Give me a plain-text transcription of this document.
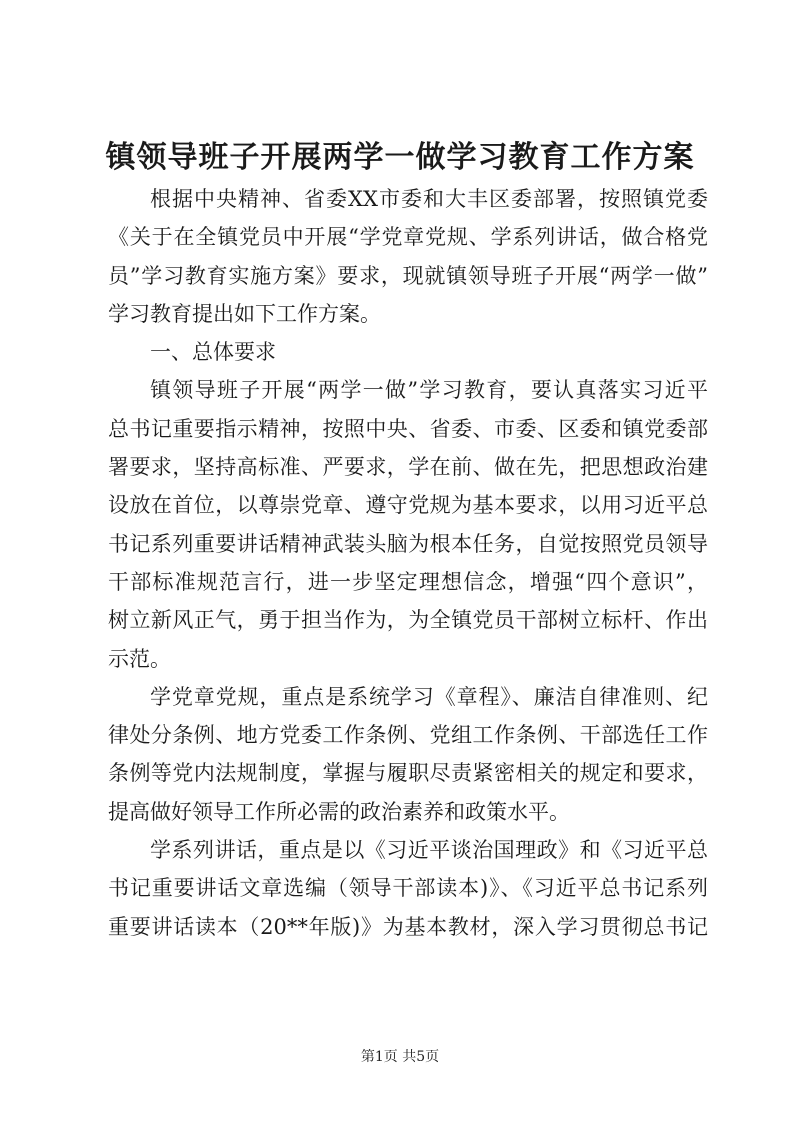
镇领导班子开展两学一做学习教育工作方案
根据中央精神、省委XX市委和大丰区委部署，按照镇党委
《关于在全镇党员中开展“学党章党规、学系列讲话，做合格党
员”学习教育实施方案》要求，现就镇领导班子开展“两学一做”
学习教育提出如下工作方案。
一、总体要求
镇领导班子开展“两学一做”学习教育，要认真落实习近平
总书记重要指示精神，按照中央、省委、市委、区委和镇党委部
署要求，坚持高标准、严要求，学在前、做在先，把思想政治建
设放在首位，以尊崇党章、遵守党规为基本要求，以用习近平总
书记系列重要讲话精神武装头脑为根本任务，自觉按照党员领导
干部标准规范言行，进一步坚定理想信念，增强“四个意识”，
树立新风正气，勇于担当作为，为全镇党员干部树立标杆、作出
示范。
学党章党规，重点是系统学习《章程》、廉洁自律准则、纪
律处分条例、地方党委工作条例、党组工作条例、干部选任工作
条例等党内法规制度，掌握与履职尽责紧密相关的规定和要求，
提高做好领导工作所必需的政治素养和政策水平。
学系列讲话，重点是以《习近平谈治国理政》和《习近平总
书记重要讲话文章选编（领导干部读本)》、《习近平总书记系列
重要讲话读本（20**年版)》为基本教材，深入学习贯彻总书记
第1页 共5页
